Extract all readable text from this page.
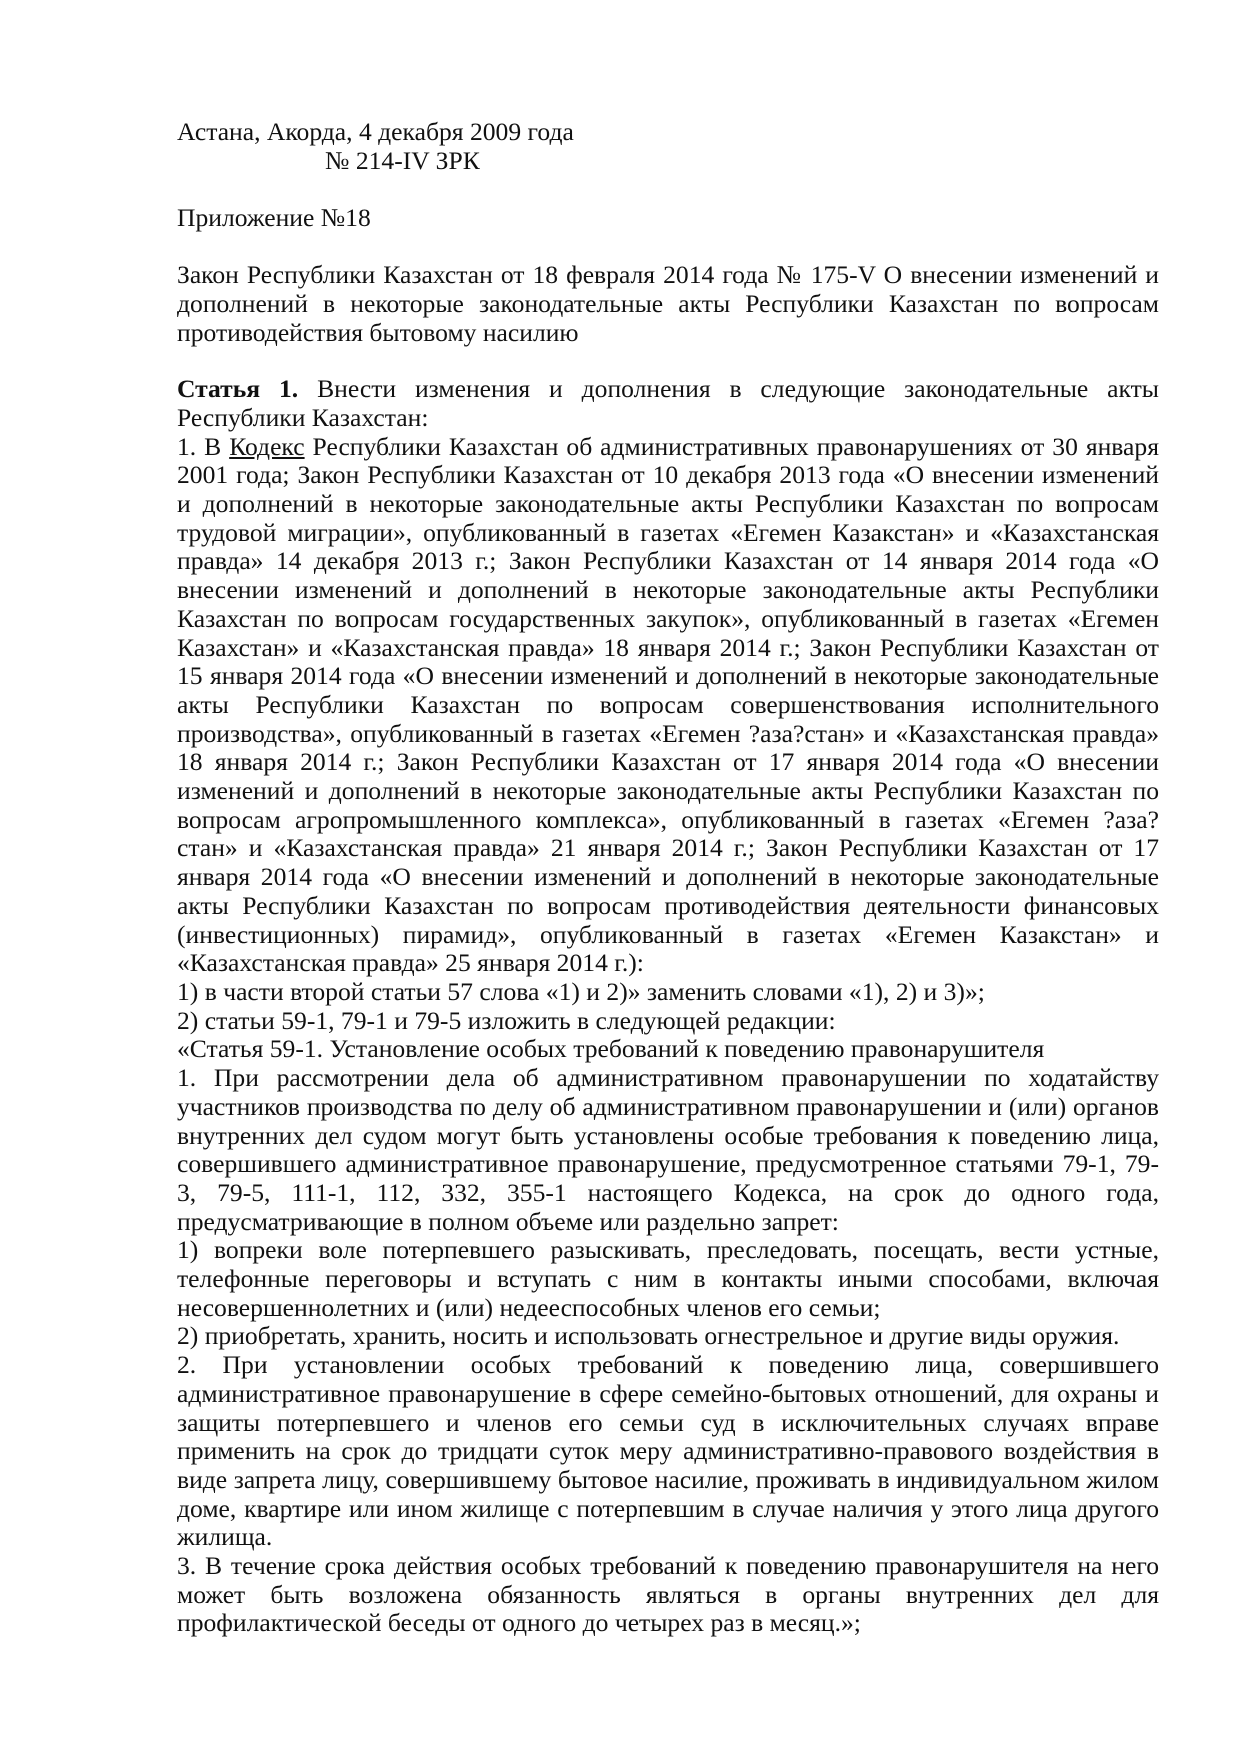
Астана, Акорда, 4 декабря 2009 года

№ 214-IV ЗРК

Приложение №18

Закон Республики Казахстан от 18 февраля 2014 года № 175-V О внесении изменений и дополнений в некоторые законодательные акты Республики Казахстан по вопросам противодействия бытовому насилию

Статья 1. Внести изменения и дополнения в следующие законодательные акты Республики Казахстан:

1. В Кодекс Республики Казахстан об административных правонарушениях от 30 января 2001 года; Закон Республики Казахстан от 10 декабря 2013 года «О внесении изменений и дополнений в некоторые законодательные акты Республики Казахстан по вопросам трудовой миграции», опубликованный в газетах «Егемен Казакстан» и «Казахстанская правда» 14 декабря 2013 г.; Закон Республики Казахстан от 14 января 2014 года «О внесении изменений и дополнений в некоторые законодательные акты Республики Казахстан по вопросам государственных закупок», опубликованный в газетах «Егемен Казахстан» и «Казахстанская правда» 18 января 2014 г.; Закон Республики Казахстан от 15 января 2014 года «О внесении изменений и дополнений в некоторые законодательные акты Республики Казахстан по вопросам совершенствования исполнительного производства», опубликованный в газетах «Егемен ?аза?стан» и «Казахстанская правда» 18 января 2014 г.; Закон Республики Казахстан от 17 января 2014 года «О внесении изменений и дополнений в некоторые законодательные акты Республики Казахстан по вопросам агропромышленного комплекса», опубликованный в газетах «Егемен ?аза?стан» и «Казахстанская правда» 21 января 2014 г.; Закон Республики Казахстан от 17 января 2014 года «О внесении изменений и дополнений в некоторые законодательные акты Республики Казахстан по вопросам противодействия деятельности финансовых (инвестиционных) пирамид», опубликованный в газетах «Егемен Казакстан» и «Казахстанская правда» 25 января 2014 г.):

1) в части второй статьи 57 слова «1) и 2)» заменить словами «1), 2) и 3)»;

2) статьи 59-1, 79-1 и 79-5 изложить в следующей редакции:

«Статья 59-1. Установление особых требований к поведению правонарушителя

1. При рассмотрении дела об административном правонарушении по ходатайству участников производства по делу об административном правонарушении и (или) органов внутренних дел судом могут быть установлены особые требования к поведению лица, совершившего административное правонарушение, предусмотренное статьями 79-1, 79-3, 79-5, 111-1, 112, 332, 355-1 настоящего Кодекса, на срок до одного года, предусматривающие в полном объеме или раздельно запрет:

1) вопреки воле потерпевшего разыскивать, преследовать, посещать, вести устные, телефонные переговоры и вступать с ним в контакты иными способами, включая несовершеннолетних и (или) недееспособных членов его семьи;

2) приобретать, хранить, носить и использовать огнестрельное и другие виды оружия.

2. При установлении особых требований к поведению лица, совершившего административное правонарушение в сфере семейно-бытовых отношений, для охраны и защиты потерпевшего и членов его семьи суд в исключительных случаях вправе применить на срок до тридцати суток меру административно-правового воздействия в виде запрета лицу, совершившему бытовое насилие, проживать в индивидуальном жилом доме, квартире или ином жилище с потерпевшим в случае наличия у этого лица другого жилища.

3. В течение срока действия особых требований к поведению правонарушителя на него может быть возложена обязанность являться в органы внутренних дел для профилактической беседы от одного до четырех раз в месяц.»;
